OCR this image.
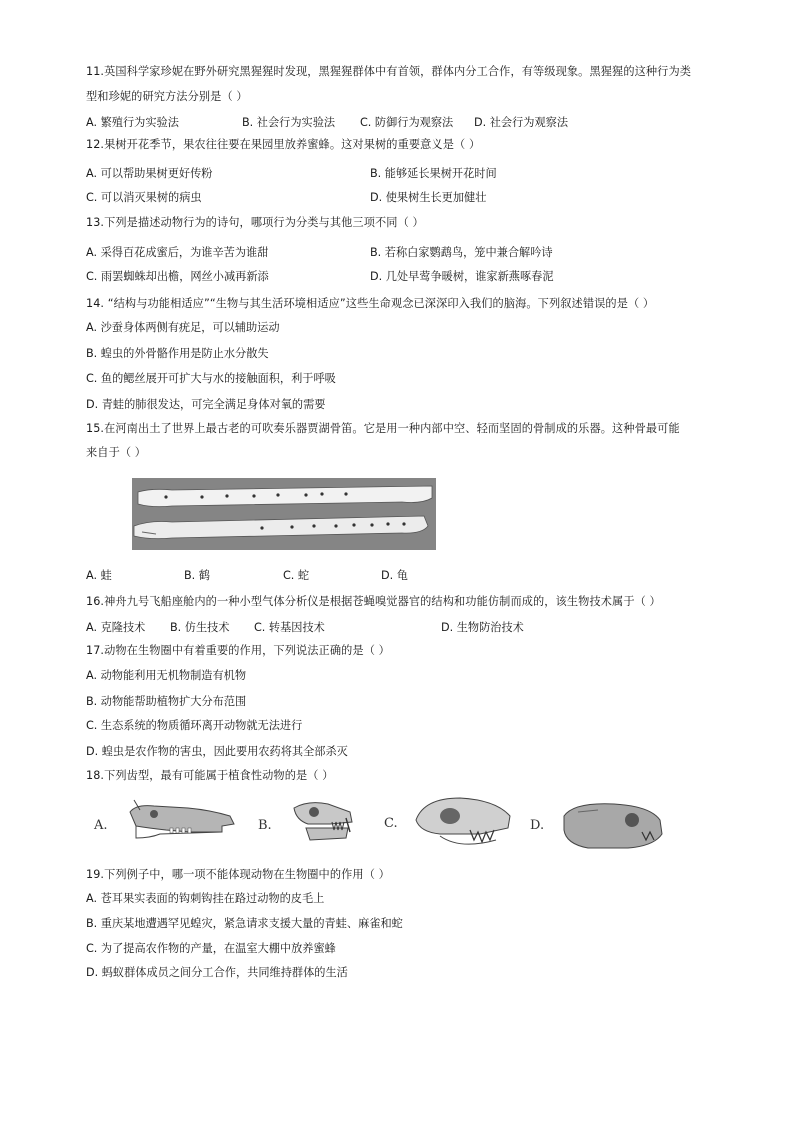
11.英国科学家珍妮在野外研究黑猩猩时发现，黑猩猩群体中有首领，群体内分工合作，有等级现象。黑猩猩的这种行为类
型和珍妮的研究方法分别是（ ）
A. 繁殖行为实验法	B. 社会行为实验法 C. 防御行为观察法 D. 社会行为观察法
12.果树开花季节，果农往往要在果园里放养蜜蜂。这对果树的重要意义是（ ）
A. 可以帮助果树更好传粉	B. 能够延长果树开花时间
C. 可以消灭果树的病虫	D. 使果树生长更加健壮
13.下列是描述动物行为的诗句，哪项行为分类与其他三项不同（ ）
A. 采得百花成蜜后，为谁辛苦为谁甜	B. 若称白家鹦鹉鸟，笼中兼合解吟诗
C. 雨罢蜘蛛却出檐，网丝小减再新添	D. 几处早莺争暖树，谁家新燕啄春泥
14. “结构与功能相适应”“生物与其生活环境相适应”这些生命观念已深深印入我们的脑海。下列叙述错误的是（ ）
A. 沙蚕身体两侧有疣足，可以辅助运动
B. 蝗虫的外骨骼作用是防止水分散失
C. 鱼的鳃丝展开可扩大与水的接触面积，利于呼吸
D. 青蛙的肺很发达，可完全满足身体对氧的需要
15.在河南出土了世界上最古老的可吹奏乐器贾湖骨笛。它是用一种内部中空、轻而坚固的骨制成的乐器。这种骨最可能
来自于（ ）
A. 蛙	B. 鹤	C. 蛇	D. 龟
16.神舟九号飞船座舱内的一种小型气体分析仪是根据苍蝇嗅觉器官的结构和功能仿制而成的，该生物技术属于（ ）
A. 克隆技术 B. 仿生技术 C. 转基因技术	D. 生物防治技术
17.动物在生物圈中有着重要的作用，下列说法正确的是（ ）
A. 动物能利用无机物制造有机物
B. 动物能帮助植物扩大分布范围
C. 生态系统的物质循环离开动物就无法进行
D. 蝗虫是农作物的害虫，因此要用农药将其全部杀灭
18.下列齿型，最有可能属于植食性动物的是（ ）
A.	B.	C.	D.
19.下列例子中，哪一项不能体现动物在生物圈中的作用（ ）
A. 苍耳果实表面的钩刺钩挂在路过动物的皮毛上
B. 重庆某地遭遇罕见蝗灾，紧急请求支援大量的青蛙、麻雀和蛇
C. 为了提高农作物的产量，在温室大棚中放养蜜蜂
D. 蚂蚁群体成员之间分工合作，共同维持群体的生活
